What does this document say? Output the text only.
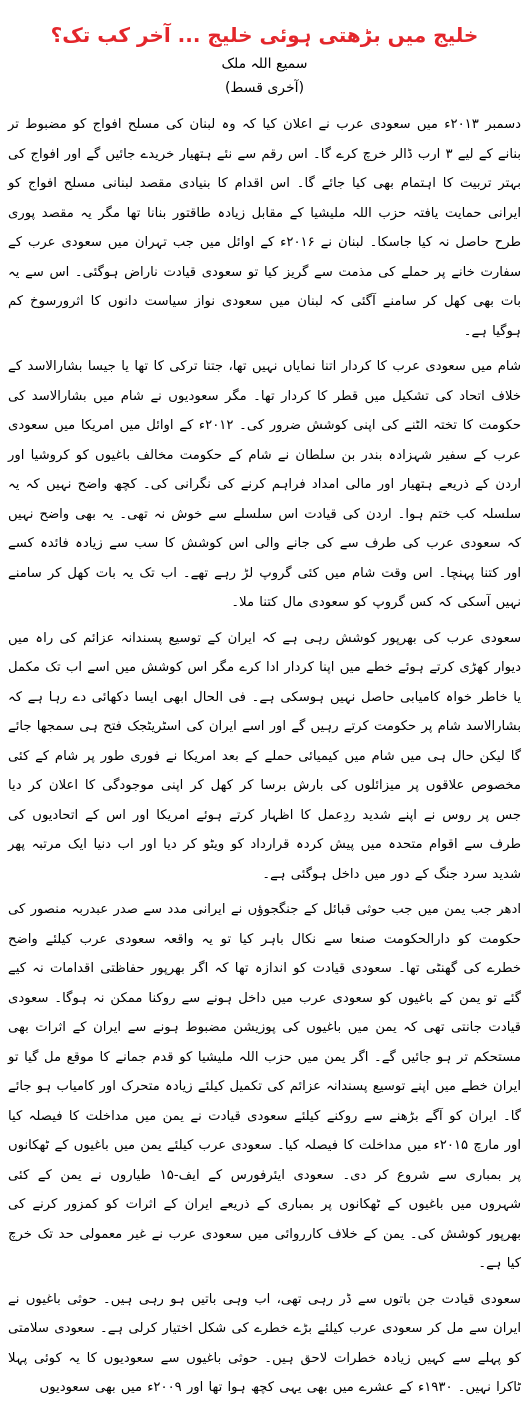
خلیج میں بڑھتی ہوئی خلیج ... آخر کب تک؟
سمیع اللہ ملک
(آخری قسط)

دسمبر ۲۰۱۳ء میں سعودی عرب نے اعلان کیا کہ وہ لبنان کی مسلح افواج کو مضبوط تر بنانے کے لیے ۳ ارب ڈالر خرچ کرے گا۔ اس رقم سے نئے ہتھیار خریدے جائیں گے اور افواج کی بہتر تربیت کا اہتمام بھی کیا جائے گا۔ اس اقدام کا بنیادی مقصد لبنانی مسلح افواج کو ایرانی حمایت یافتہ حزب اللہ ملیشیا کے مقابل زیادہ طاقتور بنانا تھا مگر یہ مقصد پوری طرح حاصل نہ کیا جاسکا۔ لبنان نے ۲۰۱۶ء کے اوائل میں جب تہران میں سعودی عرب کے سفارت خانے پر حملے کی مذمت سے گریز کیا تو سعودی قیادت ناراض ہوگئی۔ اس سے یہ بات بھی کھل کر سامنے آگئی کہ لبنان میں سعودی نواز سیاست دانوں کا اثرورسوخ کم ہوگیا ہے۔

شام میں سعودی عرب کا کردار اتنا نمایاں نہیں تھا، جتنا ترکی کا تھا یا جیسا بشارالاسد کے خلاف اتحاد کی تشکیل میں قطر کا کردار تھا۔ مگر سعودیوں نے شام میں بشارالاسد کی حکومت کا تختہ الٹنے کی اپنی کوشش ضرور کی۔ ۲۰۱۲ء کے اوائل میں امریکا میں سعودی عرب کے سفیر شہزادہ بندر بن سلطان نے شام کے حکومت مخالف باغیوں کو کروشیا اور اردن کے ذریعے ہتھیار اور مالی امداد فراہم کرنے کی نگرانی کی۔ کچھ واضح نہیں کہ یہ سلسلہ کب ختم ہوا۔ اردن کی قیادت اس سلسلے سے خوش نہ تھی۔ یہ بھی واضح نہیں کہ سعودی عرب کی طرف سے کی جانے والی اس کوشش کا سب سے زیادہ فائدہ کسے اور کتنا پہنچا۔ اس وقت شام میں کئی گروپ لڑ رہے تھے۔ اب تک یہ بات کھل کر سامنے نہیں آسکی کہ کس گروپ کو سعودی مال کتنا ملا۔

سعودی عرب کی بھرپور کوشش رہی ہے کہ ایران کے توسیع پسندانہ عزائم کی راہ میں دیوار کھڑی کرتے ہوئے خطے میں اپنا کردار ادا کرے مگر اس کوشش میں اسے اب تک مکمل یا خاطر خواہ کامیابی حاصل نہیں ہوسکی ہے۔ فی الحال ابھی ایسا دکھائی دے رہا ہے کہ بشارالاسد شام پر حکومت کرتے رہیں گے اور اسے ایران کی اسٹریٹجک فتح ہی سمجھا جائے گا لیکن حال ہی میں شام میں کیمیائی حملے کے بعد امریکا نے فوری طور پر شام کے کئی مخصوص علاقوں پر میزائلوں کی بارش برسا کر کھل کر اپنی موجودگی کا اعلان کر دیا جس پر روس نے اپنے شدید ردِعمل کا اظہار کرتے ہوئے امریکا اور اس کے اتحادیوں کی طرف سے اقوام متحدہ میں پیش کردہ قرارداد کو ویٹو کر دیا اور اب دنیا ایک مرتبہ پھر شدید سرد جنگ کے دور میں داخل ہوگئی ہے۔

ادھر جب یمن میں جب حوثی قبائل کے جنگجوؤں نے ایرانی مدد سے صدر عبدربہ منصور کی حکومت کو دارالحکومت صنعا سے نکال باہر کیا تو یہ واقعہ سعودی عرب کیلئے واضح خطرے کی گھنٹی تھا۔ سعودی قیادت کو اندازہ تھا کہ اگر بھرپور حفاظتی اقدامات نہ کیے گئے تو یمن کے باغیوں کو سعودی عرب میں داخل ہونے سے روکنا ممکن نہ ہوگا۔ سعودی قیادت جانتی تھی کہ یمن میں باغیوں کی پوزیشن مضبوط ہونے سے ایران کے اثرات بھی مستحکم تر ہو جائیں گے۔ اگر یمن میں حزب اللہ ملیشیا کو قدم جمانے کا موقع مل گیا تو ایران خطے میں اپنے توسیع پسندانہ عزائم کی تکمیل کیلئے زیادہ متحرک اور کامیاب ہو جائے گا۔ ایران کو آگے بڑھنے سے روکنے کیلئے سعودی قیادت نے یمن میں مداخلت کا فیصلہ کیا اور مارچ ۲۰۱۵ء میں مداخلت کا فیصلہ کیا۔ سعودی عرب کیلئے یمن میں باغیوں کے ٹھکانوں پر بمباری سے شروع کر دی۔ سعودی ایئرفورس کے ایف-۱۵ طیاروں نے یمن کے کئی شہروں میں باغیوں کے ٹھکانوں پر بمباری کے ذریعے ایران کے اثرات کو کمزور کرنے کی بھرپور کوشش کی۔ یمن کے خلاف کارروائی میں سعودی عرب نے غیر معمولی حد تک خرچ کیا ہے۔

سعودی قیادت جن باتوں سے ڈر رہی تھی، اب وہی باتیں ہو رہی ہیں۔ حوثی باغیوں نے ایران سے مل کر سعودی عرب کیلئے بڑے خطرے کی شکل اختیار کرلی ہے۔ سعودی سلامتی کو پہلے سے کہیں زیادہ خطرات لاحق ہیں۔ حوثی باغیوں سے سعودیوں کا یہ کوئی پہلا ٹاکرا نہیں۔ ۱۹۳۰ء کے عشرے میں بھی یہی کچھ ہوا تھا اور ۲۰۰۹ء میں بھی سعودیوں
